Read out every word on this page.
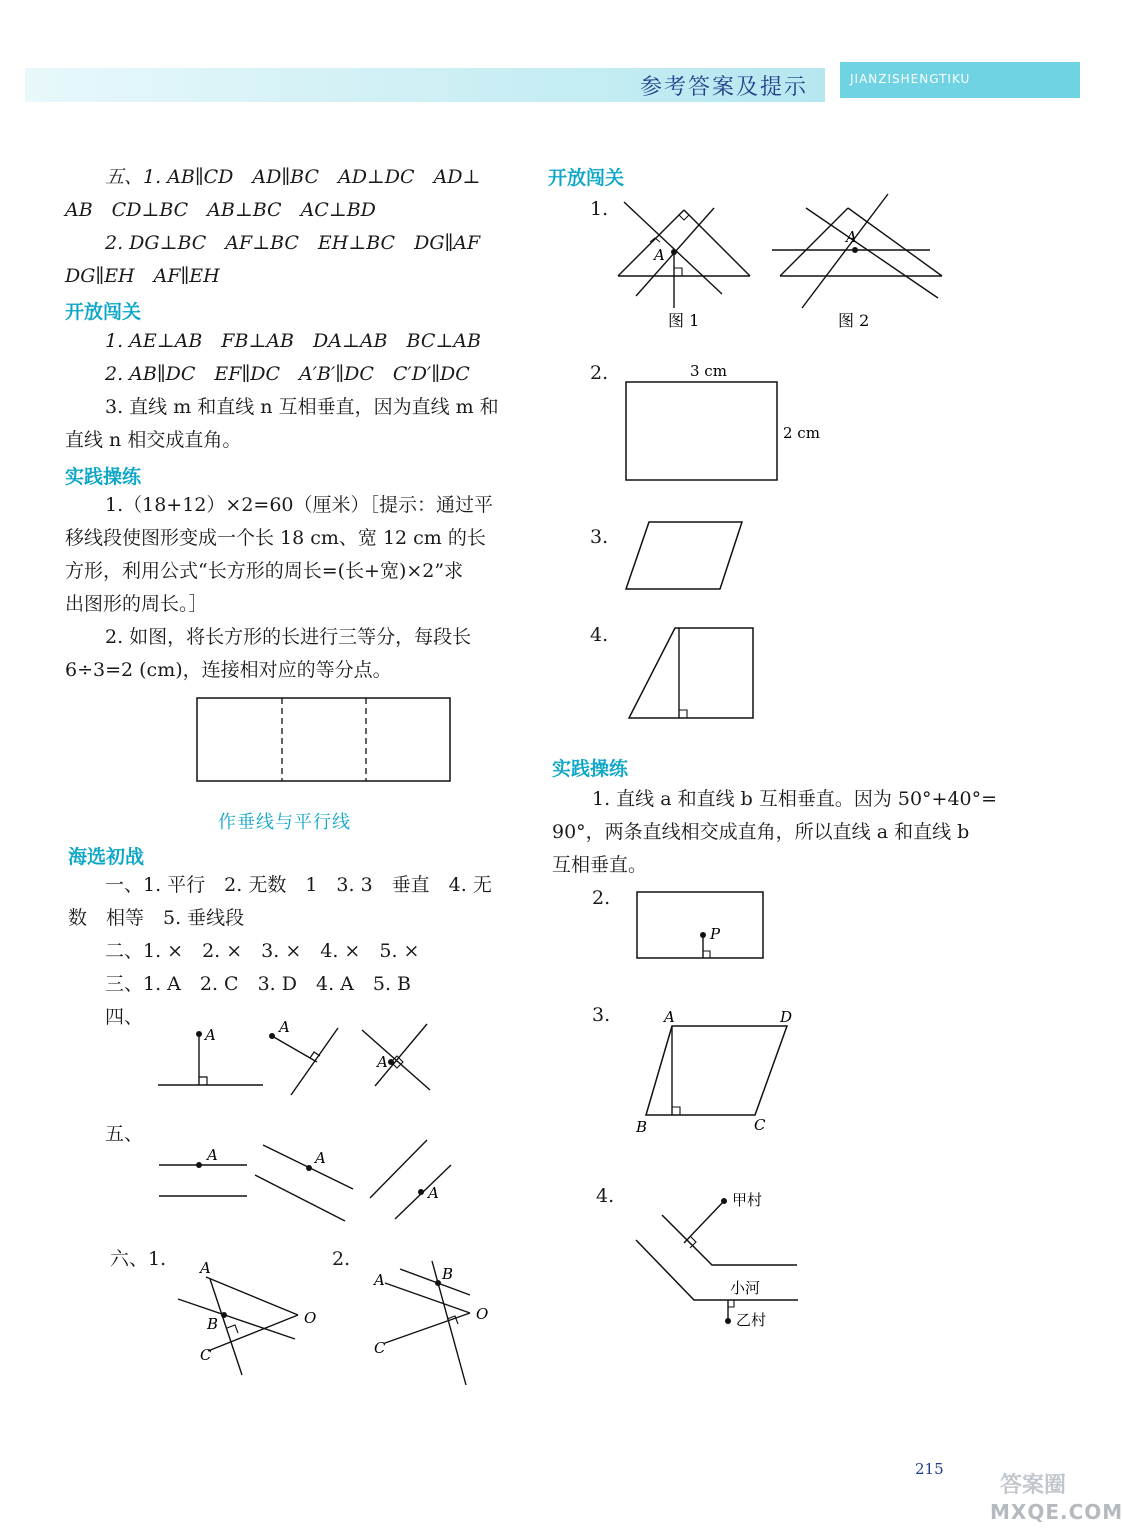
参考答案及提示	JIANZISHENGTIKU
五、1. AB∥CD　AD∥BC　AD⊥DC　AD⊥
AB　CD⊥BC　AB⊥BC　AC⊥BD
2. DG⊥BC　AF⊥BC　EH⊥BC　DG∥AF
DG∥EH　AF∥EH
开放闯关
1. AE⊥AB　FB⊥AB　DA⊥AB　BC⊥AB
2. AB∥DC　EF∥DC　A′B′∥DC　C′D′∥DC
3. 直线 m 和直线 n 互相垂直，因为直线 m 和
直线 n 相交成直角。
实践操练
1.（18+12）×2=60（厘米）［提示：通过平
移线段使图形变成一个长 18 cm、宽 12 cm 的长
方形，利用公式“长方形的周长=(长+宽)×2”求
出图形的周长。］
2. 如图，将长方形的长进行三等分，每段长
6÷3=2 (cm)，连接相对应的等分点。
作垂线与平行线
海选初战
一、1. 平行　2. 无数　1　3. 3　垂直　4. 无
数　相等　5. 垂线段
二、1. ×　2. ×　3. ×　4. ×　5. ×
三、1. A　2. C　3. D　4. A　5. B
四、
A	A
A
五、
A	A
A
六、1.	2.
A
B
C
O
A	B
C
O
开放闯关
1.
A
图 1
A
图 2
2.	3 cm
2 cm
3.
4.
实践操练
1. 直线 a 和直线 b 互相垂直。因为 50°+40°=
90°，两条直线相交成直角，所以直线 a 和直线 b
互相垂直。
2.
P
3.	A	D
B	C
4.	甲村
小河
乙村
215
答案圈
MXQE.COM
